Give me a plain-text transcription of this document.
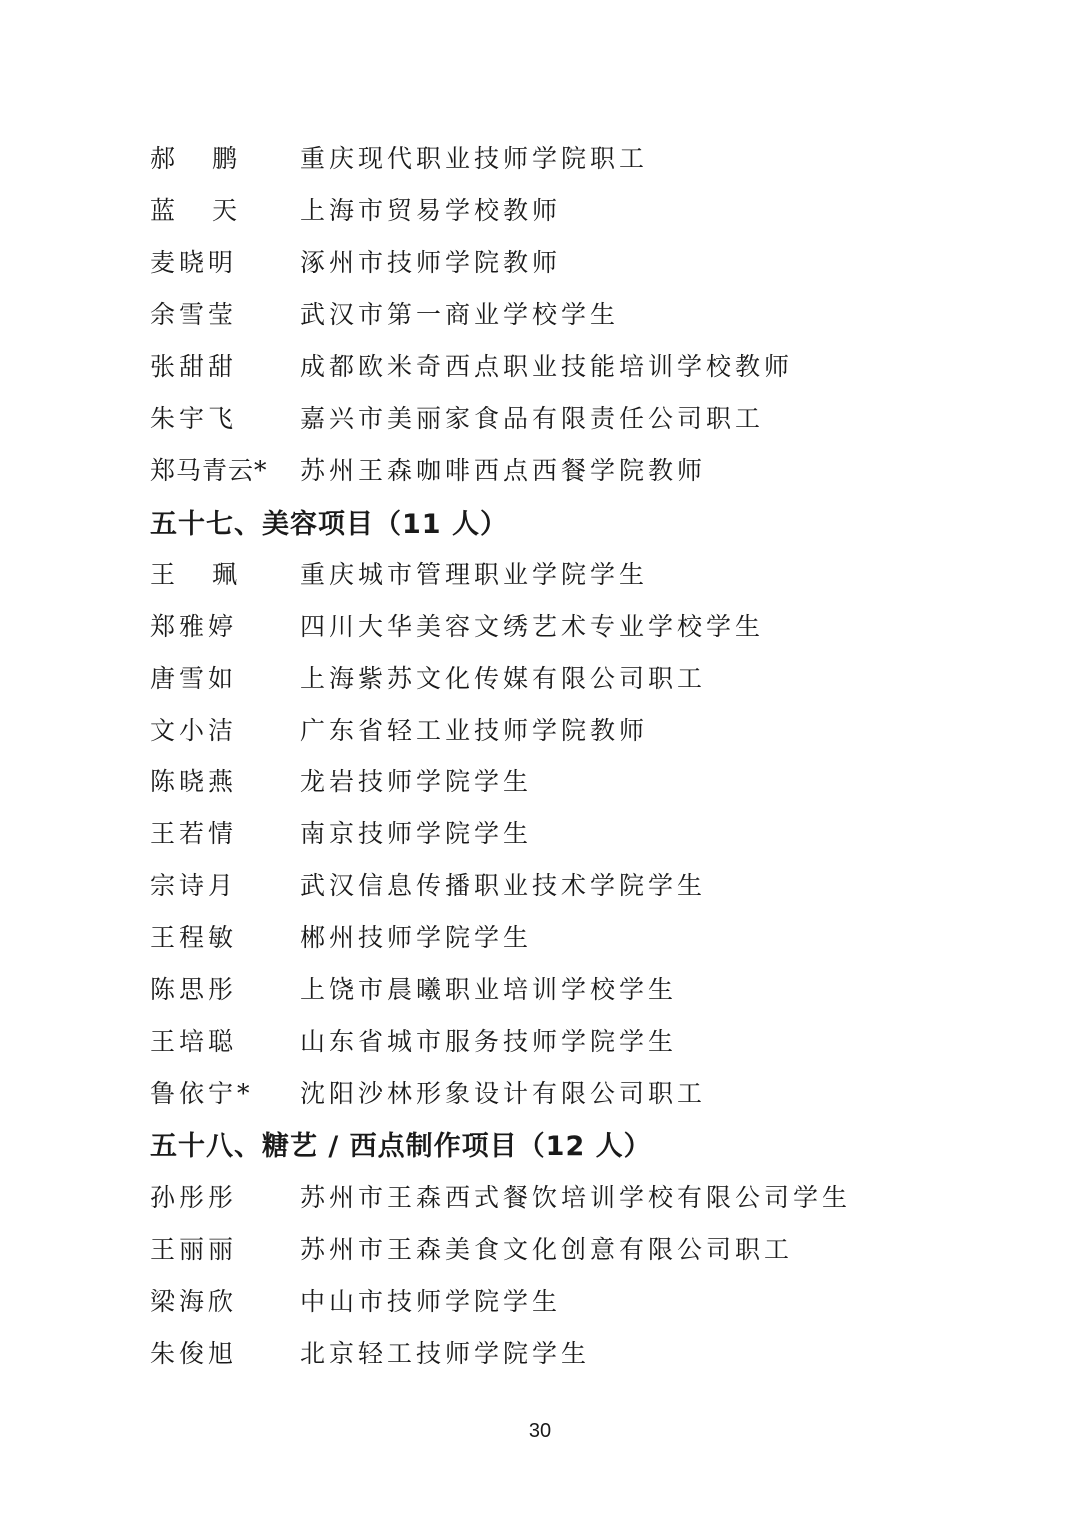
郝鹏	重庆现代职业技师学院职工
蓝天	上海市贸易学校教师
麦晓明	涿州市技师学院教师
余雪莹	武汉市第一商业学校学生
张甜甜	成都欧米奇西点职业技能培训学校教师
朱宇飞	嘉兴市美丽家食品有限责任公司职工
郑马青云*	苏州王森咖啡西点西餐学院教师
五十七、美容项目（11 人）
王珮	重庆城市管理职业学院学生
郑雅婷	四川大华美容文绣艺术专业学校学生
唐雪如	上海紫苏文化传媒有限公司职工
文小洁	广东省轻工业技师学院教师
陈晓燕	龙岩技师学院学生
王若情	南京技师学院学生
宗诗月	武汉信息传播职业技术学院学生
王程敏	郴州技师学院学生
陈思彤	上饶市晨曦职业培训学校学生
王培聪	山东省城市服务技师学院学生
鲁依宁*	沈阳沙林形象设计有限公司职工
五十八、糖艺 / 西点制作项目（12 人）
孙彤彤	苏州市王森西式餐饮培训学校有限公司学生
王丽丽	苏州市王森美食文化创意有限公司职工
梁海欣	中山市技师学院学生
朱俊旭	北京轻工技师学院学生
30
